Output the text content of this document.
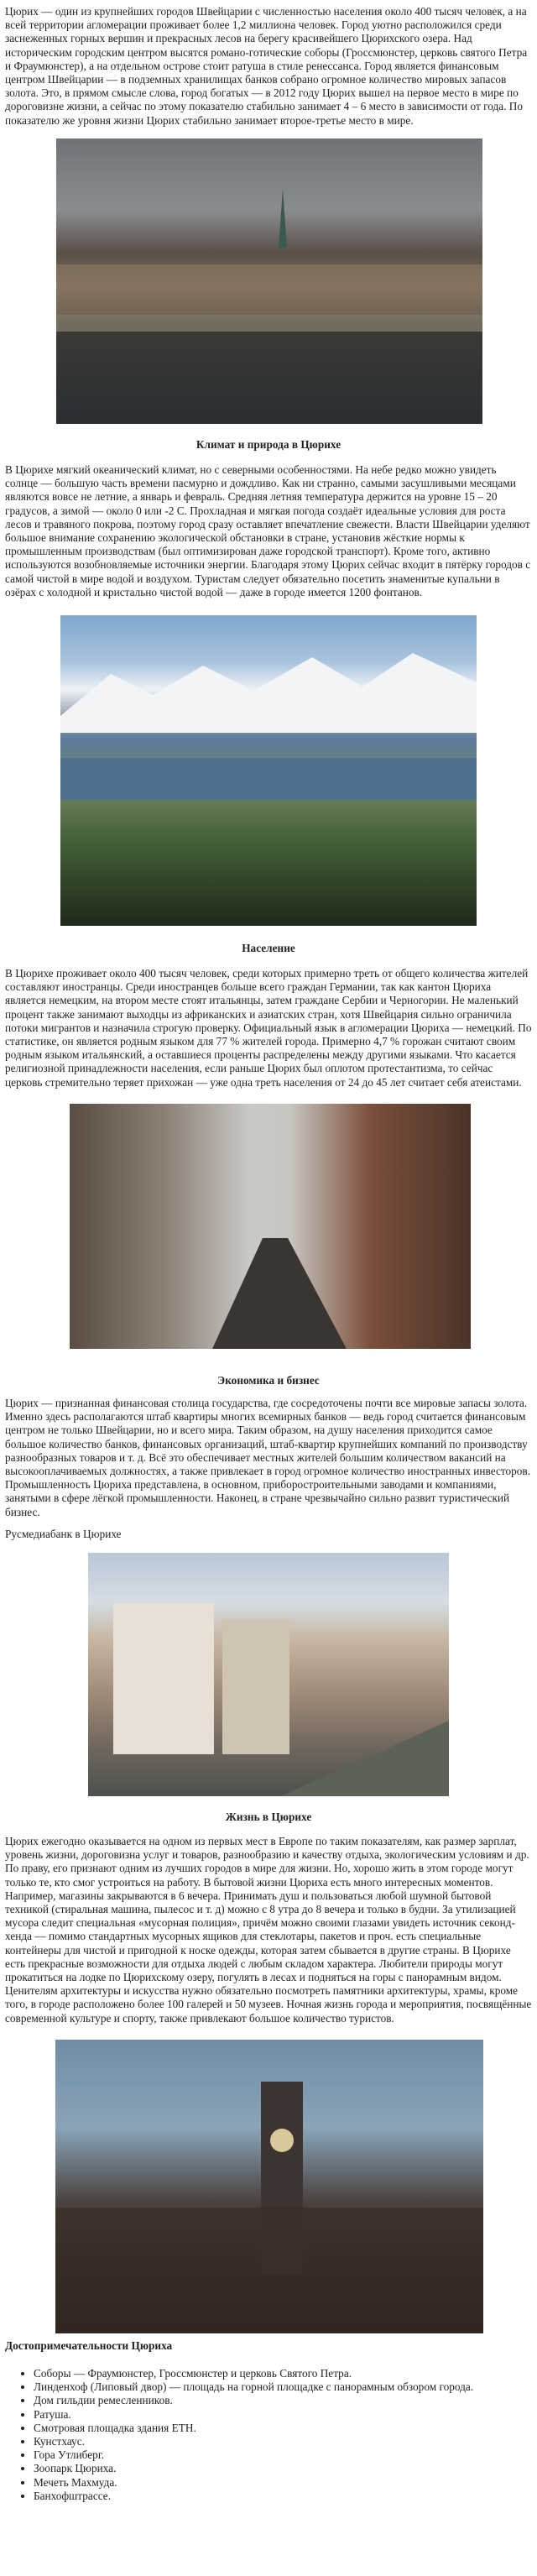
Цюрих — один из крупнейших городов Швейцарии с численностью населения около 400 тысяч человек, а на всей территории агломерации проживает более 1,2 миллиона человек. Город уютно расположился среди заснеженных горных вершин и прекрасных лесов на берегу красивейшего Цюрихского озера. Над историческим городским центром высятся романо-готические соборы (Гроссмюнстер, церковь святого Петра и Фраумюнстер), а на отдельном острове стоит ратуша в стиле ренессанса. Город является финансовым центром Швейцарии — в подземных хранилищах банков собрано огромное количество мировых запасов золота. Это, в прямом смысле слова, город богатых — в 2012 году Цюрих вышел на первое место в мире по дороговизне жизни, а сейчас по этому показателю стабильно занимает 4 – 6 место в зависимости от года. По показателю же уровня жизни Цюрих стабильно занимает второе-третье место в мире.

Климат и природа в Цюрихе

В Цюрихе мягкий океанический климат, но с северными особенностями. На небе редко можно увидеть солнце — большую часть времени пасмурно и дождливо. Как ни странно, самыми засушливыми месяцами являются вовсе не летние, а январь и февраль. Средняя летняя температура держится на уровне 15 – 20 градусов, а зимой — около 0 или -2 С. Прохладная и мягкая погода создаёт идеальные условия для роста лесов и травяного покрова, поэтому город сразу оставляет впечатление свежести. Власти Швейцарии уделяют большое внимание сохранению экологической обстановки в стране, установив жёсткие нормы к промышленным производствам (был оптимизирован даже городской транспорт). Кроме того, активно используются возобновляемые источники энергии. Благодаря этому Цюрих сейчас входит в пятёрку городов с самой чистой в мире водой и воздухом. Туристам следует обязательно посетить знаменитые купальни в озёрах с холодной и кристально чистой водой — даже в городе имеется 1200 фонтанов.

Население

В Цюрихе проживает около 400 тысяч человек, среди которых примерно треть от общего количества жителей составляют иностранцы. Среди иностранцев больше всего граждан Германии, так как кантон Цюриха является немецким, на втором месте стоят итальянцы, затем граждане Сербии и Черногории. Не маленький процент также занимают выходцы из африканских и азиатских стран, хотя Швейцария сильно ограничила потоки мигрантов и назначила строгую проверку. Официальный язык в агломерации Цюриха — немецкий. По статистике, он является родным языком для 77 % жителей города. Примерно 4,7 % горожан считают своим родным языком итальянский, а оставшиеся проценты распределены между другими языками. Что касается религиозной принадлежности населения, если раньше Цюрих был оплотом протестантизма, то сейчас церковь стремительно теряет прихожан — уже одна треть населения от 24 до 45 лет считает себя атеистами.

Экономика и бизнес

Цюрих — признанная финансовая столица государства, где сосредоточены почти все мировые запасы золота. Именно здесь располагаются штаб квартиры многих всемирных банков — ведь город считается финансовым центром не только Швейцарии, но и всего мира. Таким образом, на душу населения приходится самое большое количество банков, финансовых организаций, штаб-квартир крупнейших компаний по производству разнообразных товаров и т. д. Всё это обеспечивает местных жителей большим количеством вакансий на высокооплачиваемых должностях, а также привлекает в город огромное количество иностранных инвесторов. Промышленность Цюриха представлена, в основном, приборостроительными заводами и компаниями, занятыми в сфере лёгкой промышленности. Наконец, в стране чрезвычайно сильно развит туристический бизнес.

Русмедиабанк в Цюрихе

Жизнь в Цюрихе

Цюрих ежегодно оказывается на одном из первых мест в Европе по таким показателям, как размер зарплат, уровень жизни, дороговизна услуг и товаров, разнообразию и качеству отдыха, экологическим условиям и др. По праву, его признают одним из лучших городов в мире для жизни. Но, хорошо жить в этом городе могут только те, кто смог устроиться на работу. В бытовой жизни Цюриха есть много интересных моментов. Например, магазины закрываются в 6 вечера. Принимать душ и пользоваться любой шумной бытовой техникой (стиральная машина, пылесос и т. д) можно с 8 утра до 8 вечера и только в будни. За утилизацией мусора следит специальная «мусорная полиция», причём можно своими глазами увидеть источник секонд-хенда — помимо стандартных мусорных ящиков для стеклотары, пакетов и проч. есть специальные контейнеры для чистой и пригодной к носке одежды, которая затем сбывается в другие страны. В Цюрихе есть прекрасные возможности для отдыха людей с любым складом характера. Любители природы могут прокатиться на лодке по Цюрихскому озеру, погулять в лесах и подняться на горы с панорамным видом. Ценителям архитектуры и искусства нужно обязательно посмотреть памятники архитектуры, храмы, кроме того, в городе расположено более 100 галерей и 50 музеев. Ночная жизнь города и мероприятия, посвящённые современной культуре и спорту, также привлекают большое количество туристов.

Достопримечательности Цюриха
• Соборы — Фраумюнстер, Гроссмюнстер и церковь Святого Петра.
• Линденхоф (Липовый двор) — площадь на горной площадке с панорамным обзором города.
• Дом гильдии ремесленников.
• Ратуша.
• Смотровая площадка здания ETH.
• Кунстхаус.
• Гора Утлиберг.
• Зоопарк Цюриха.
• Мечеть Махмуда.
• Банхофштрассе.
